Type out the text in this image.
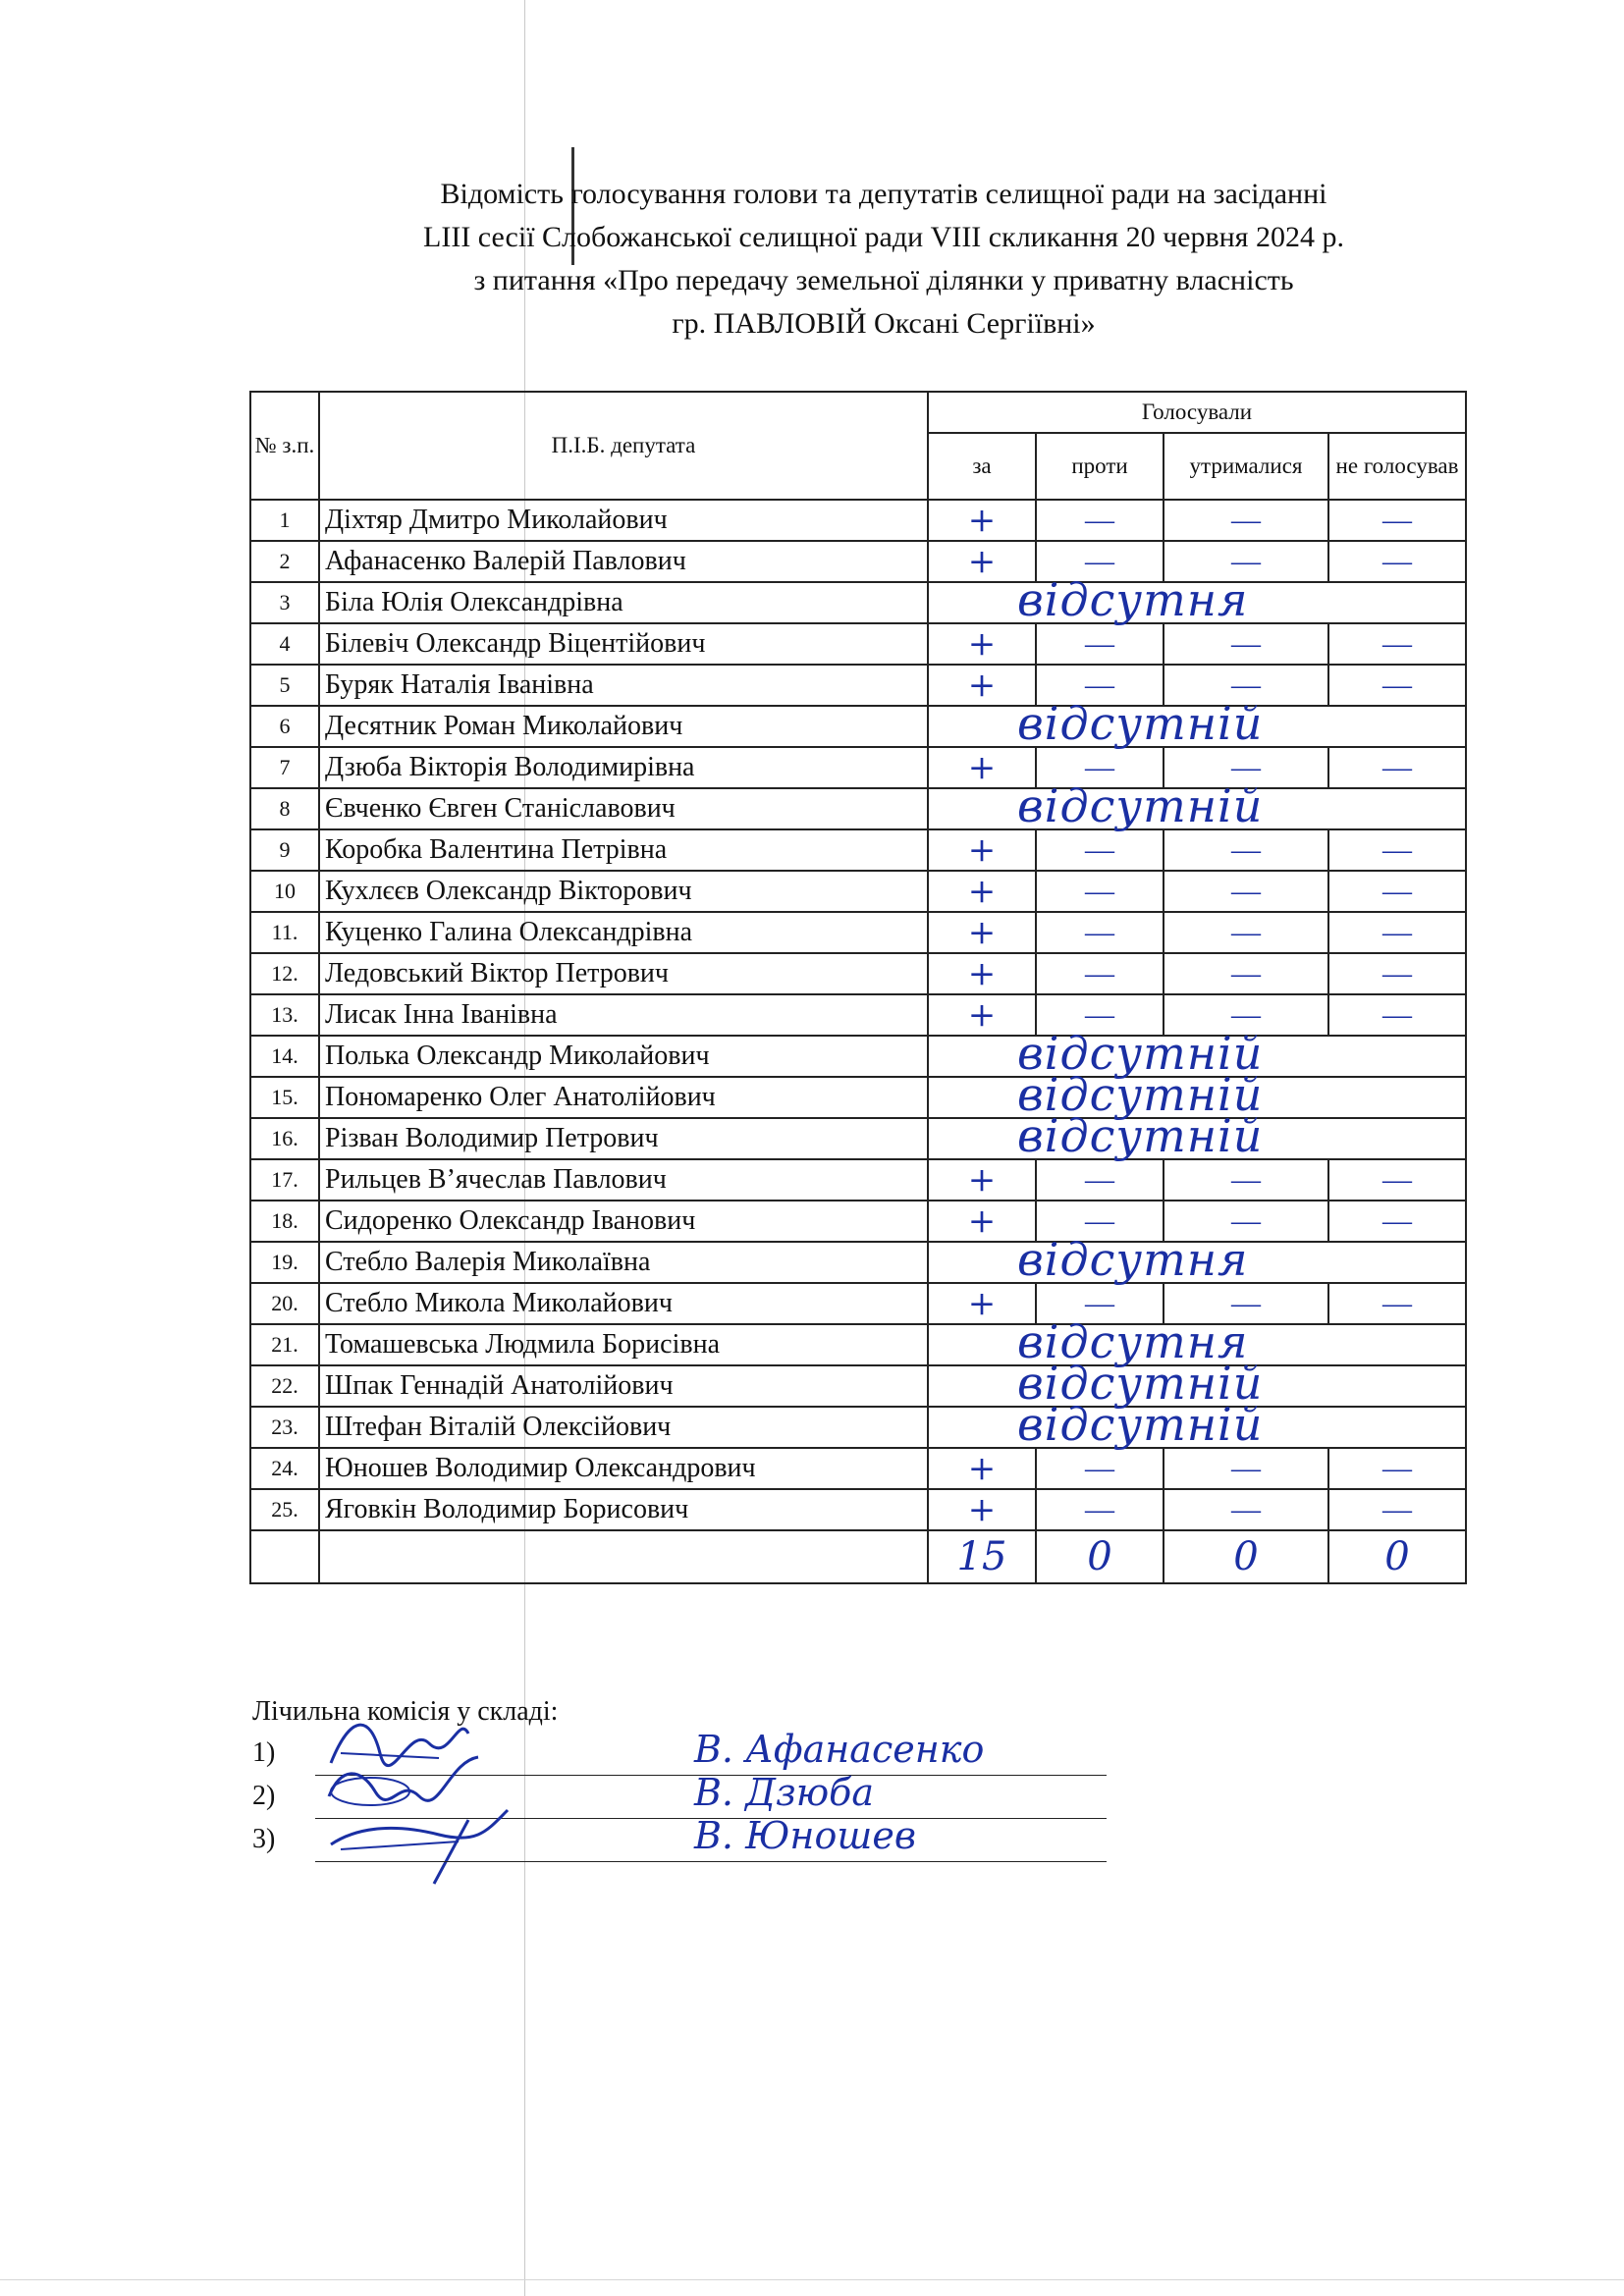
Відомість голосування голови та депутатів селищної ради на засіданні
LIII сесії Слобожанської селищної ради VIII скликання 20 червня 2024 р.
з питання «Про передачу земельної ділянки у приватну власність
гр. ПАВЛОВІЙ Оксані Сергіївні»
№ з.п.	П.І.Б. депутата	Голосували			
		за	проти	утрималися	не голосував
1	Діхтяр Дмитро Миколайович	+	—	—	—
2	Афанасенко Валерій Павлович	+	—	—	—
3	Біла Юлія Олександрівна	відсутня			

4	Білевіч Олександр Віцентійович	+	—	—	—
5	Буряк Наталія Іванівна	+	—	—	—
6	Десятник Роман Миколайович	відсутній			

7	Дзюба Вікторія Володимирівна	+	—	—	—
8	Євченко Євген Станіславович	відсутній			

9	Коробка Валентина Петрівна	+	—	—	—
10	Кухлєєв Олександр Вікторович	+	—	—	—
11.	Куценко Галина Олександрівна	+	—	—	—
12.	Ледовський Віктор Петрович	+	—	—	—
13.	Лисак Інна Іванівна	+	—	—	—
14.	Полька Олександр Миколайович	відсутній			

15.	Пономаренко Олег Анатолійович	відсутній			

16.	Різван Володимир Петрович	відсутній			

17.	Рильцев В’ячеслав Павлович	+	—	—	—
18.	Сидоренко Олександр Іванович	+	—	—	—
19.	Стебло Валерія Миколаївна	відсутня			

20.	Стебло Микола Миколайович	+	—	—	—
21.	Томашевська Людмила Борисівна	відсутня			

22.	Шпак Геннадій Анатолійович	відсутній			

23.	Штефан Віталій Олексійович	відсутній			

24.	Юношев Володимир Олександрович	+	—	—	—
25.	Яговкін Володимир Борисович	+	—	—	—
		15	0	0	0
Лічильна комісія у складі:
1)	В. Афанасенко
2)	В. Дзюба
3)	В. Юношев
